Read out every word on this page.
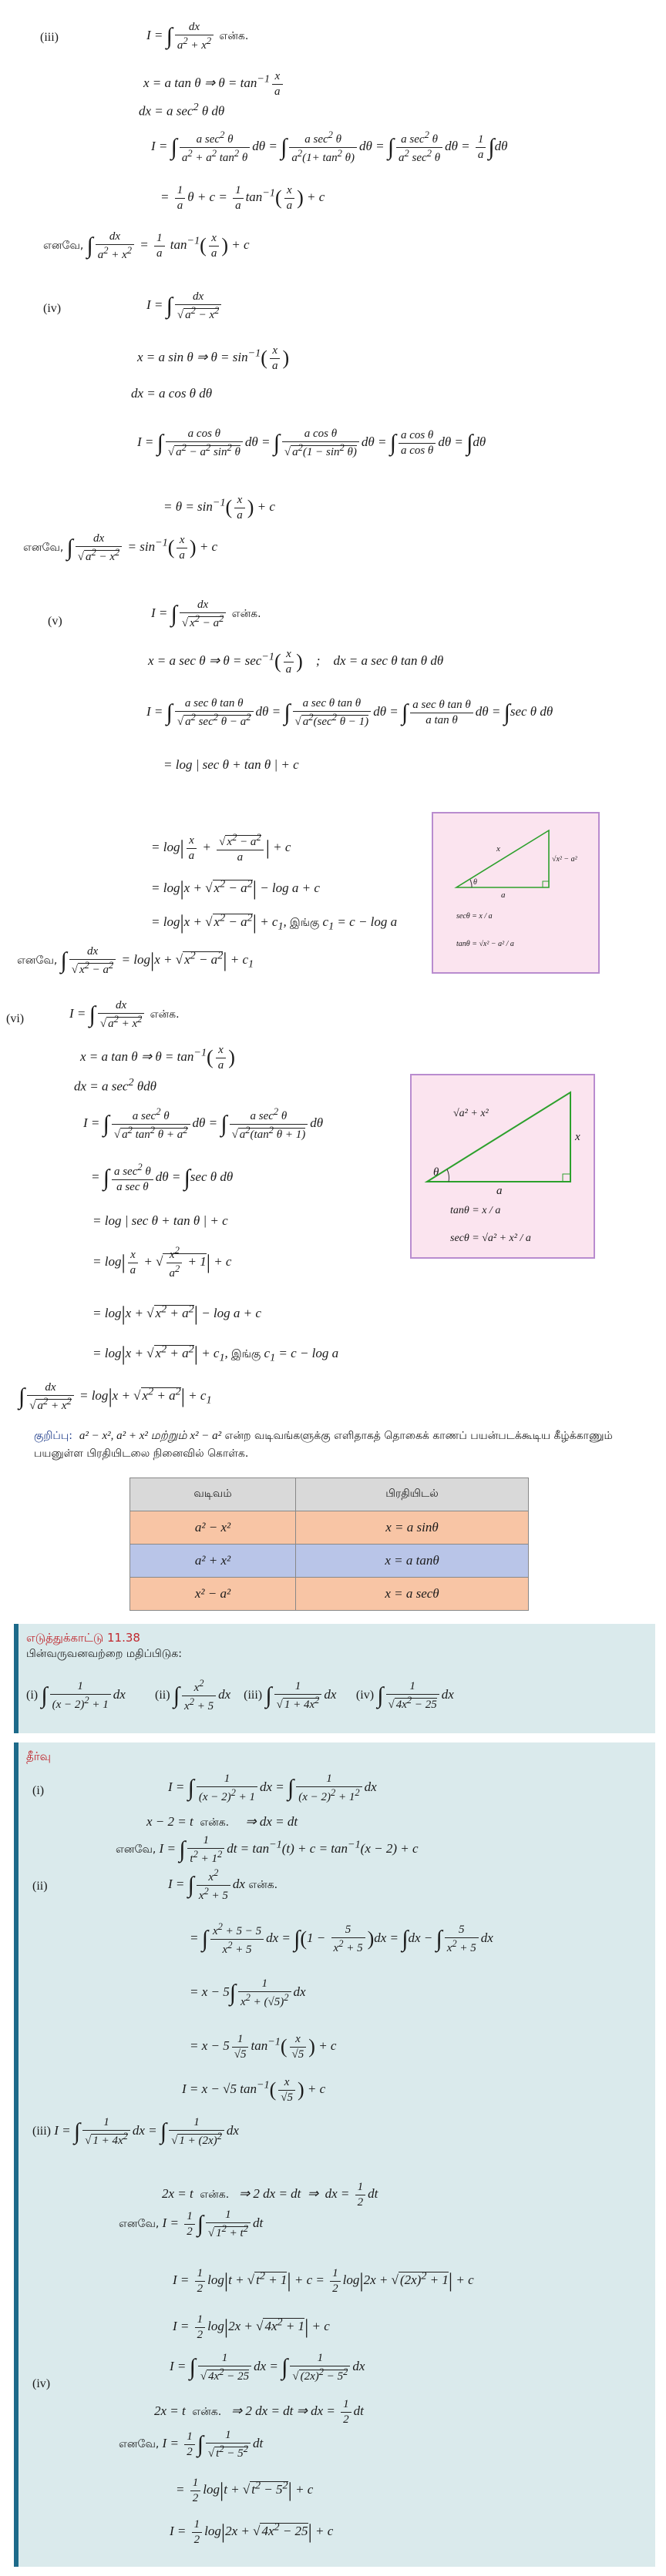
(iii)	I = ∫ $\frac{dx}{a^2 + x^2}$ என்க.
x = a tan θ ⇒ $\theta = \tan^{-1} \frac{x}{a}$
dx = a $\sec^2 \theta$ dθ
I = ∫ $\frac{a \sec^2 \theta}{a^2 + a^2 \tan^2 \theta}$ dθ = ∫ $\frac{a \sec^2 \theta}{a^2(1+ \tan^2 \theta)}$ dθ = ∫ $\frac{a \sec^2 \theta}{a^2 \sec^2 \theta}$ $d\theta = \frac{1}{a} \int d\theta$
= $\frac{1}{a}$ $\theta + c = \frac{1}{a} \tan^{-1}( \frac{x}{a}$ ) + c
எனவே, ∫ $\frac{dx}{a^2 + x^2} = \frac{1}{a} \tan^{-1}( \frac{x}{a}$ ) + c
(iv)	I = ∫ $\frac{dx}{√ a^2 - x^2}$
x = a sin θ ⇒ $\theta = \sin^{-1}( \frac{x}{a}$ )
dx = a cos θ dθ
I = ∫ $\frac{\text{a cos θ}}{√ a^2 - a^2 \sin^2 \theta}$ dθ = ∫ $\frac{\text{a cos θ}}{√ a^2(1 - \sin^2 \theta)}$ dθ = ∫ $\frac{\text{a cos θ}}{\text{a cos θ}}$ dθ = ∫dθ
= $\theta = \sin^{-1}( \frac{x}{a}$ ) + c
எனவே, ∫ $\frac{dx}{√ a^2 - x^2} = \sin^{-1}( \frac{x}{a}$ ) + c
(v)
I = ∫ $\frac{dx}{√ x^2 - a^2}$ என்க.
x = a sec θ ⇒ $\theta = \sec^{-1}( \frac{x}{a}$ )    ;    dx = a sec θ tan θ dθ
I = ∫ $\frac{\text{a sec θ tan θ}}{√ a^2 \sec^2 \theta - a^2}$ dθ = ∫ $\frac{\text{a sec θ tan θ}}{√ a^2(\sec^2 \theta - 1)}$ dθ = ∫ $\frac{\text{a sec θ tan θ}}{\text{a tan θ}}$ dθ = ∫sec θ dθ
= log | sec θ + tan θ | + c
= $\log| \frac{x}{a} + \frac{√ x^2 - a^2}{a}$ | + c
= log|x + √ $x^2 - a^2| - \log a + c$
= log|x + √ $x^2 - a^2| + c_1$, இங்கு $c_1 = c - \log a$
எனவே, ∫ $\frac{dx}{√ x^2 - a^2} = \log|x$ + √ $x^2 - a^2| + c_1$
x
√x² − a²
a
θ
secθ = x / a
tanθ = √x² − a² / a
(vi)	I = ∫ $\frac{dx}{√ a^2 + x^2}$ என்க.
x = a tan θ ⇒ $\theta = \tan^{-1}( \frac{x}{a}$ )
dx = a $\sec^2 \theta d\theta$
I = ∫ $\frac{a \sec^2 \theta}{√ a^2 \tan^2 \theta + a^2}$ dθ = ∫ $\frac{a \sec^2 \theta}{√ a^2(\tan^2 \theta + 1)}$ dθ
= ∫ $\frac{a \sec^2 \theta}{\text{a sec θ}}$ dθ = ∫sec θ dθ
= log | sec θ + tan θ | + c
= $\log| \frac{x}{a}$ + √ $\frac{x^2}{a^2} + 1| + c$
= log|x + √ $x^2 + a^2| - \log a + c$
= log|x + √ $x^2 + a^2| + c_1$, இங்கு $c_1 = c - \log a$
∫ $\frac{dx}{√ a^2 + x^2} = \log|x$ + √ $x^2 + a^2| + c_1$
√a² + x²
x
a
θ
tanθ = x / a
secθ = √a² + x² / a
குறிப்பு: a² − x², a² + x² மற்றும் x² − a² என்ற வடிவங்களுக்கு எளிதாகத் தொகைக் காணப் பயன்படக்கூடிய கீழ்க்காணும் பயனுள்ள பிரதியிடலை நினைவில் கொள்க.
வடிவம்	பிரதியிடல்
a² − x²	x = a sinθ
a² + x²	x = a tanθ
x² − a²	x = a secθ
எடுத்துக்காட்டு 11.38
பின்வருவனவற்றை மதிப்பிடுக:
(i) ∫ $\frac{1}{(x - 2)^2 + 1}$ dx         (ii) ∫ $\frac{x^2}{x^2 + 5}$ dx    (iii) ∫ $\frac{1}{√ 1 + 4x^2}$ dx      (iv) ∫ $\frac{1}{√ 4x^2 - 25}$ dx
தீர்வு
(i)	I = ∫ $\frac{1}{(x - 2)^2 + 1}$ dx = ∫ $\frac{1}{(x - 2)^2 + 1^2}$ dx
x − 2 = t  என்க.     ⇒ dx = dt
எனவே, I = ∫ $\frac{1}{t^2 + 1^2}$ dt = $\tan^{-1}(t) + c = \tan^{-1}(x - 2) + c$
(ii)	I = ∫ $\frac{x^2}{x^2 + 5}$ dx என்க.
= ∫ $\frac{x^2 + 5 - 5}{x^2 + 5}$ dx = $\int(1 - \frac{5}{x^2 + 5} )dx = \int dx$ − ∫ $\frac{5}{x^2 + 5}$ dx
= $x - 5\int \frac{1}{x^2 + (√5)^2}$ dx
= $x - 5 \frac{1}{√5} \tan^{-1}( \frac{x}{√5}$ ) + c
I = x − √5 $\tan^{-1}( \frac{x}{√5}$ ) + c
(iii) I = ∫ $\frac{1}{√ 1 + 4x^2}$ dx = ∫ $\frac{1}{√ 1 + (2x)^2}$ dx
2x = t  என்க.   ⇒ 2 dx = dt  ⇒  dx = $\frac{1}{2}$ dt
எனவே, $I = \frac{1}{2}$ ∫ $\frac{1}{√ 1^2 + t^2}$ dt
$I = \frac{1}{2} \log|t$ + √ $t^2 + 1| + c = \frac{1}{2} \log|2x$ + √ $(2x)^2 + 1| + c$
$I = \frac{1}{2} \log|2x$ + √ $4x^2 + 1| + c$
(iv)
I = ∫ $\frac{1}{√ 4x^2 - 25}$ dx = ∫ $\frac{1}{√ (2x)^2 - 5^2}$ dx
2x = t  என்க.   ⇒ 2 dx = dt ⇒ dx = $\frac{1}{2}$ dt
எனவே, $I = \frac{1}{2}$ ∫ $\frac{1}{√ t^2 - 5^2}$ dt
= $\frac{1}{2} \log|t$ + √ $t^2 - 5^2| + c$
$I = \frac{1}{2} \log|2x$ + √ $4x^2 - 25| + c$
